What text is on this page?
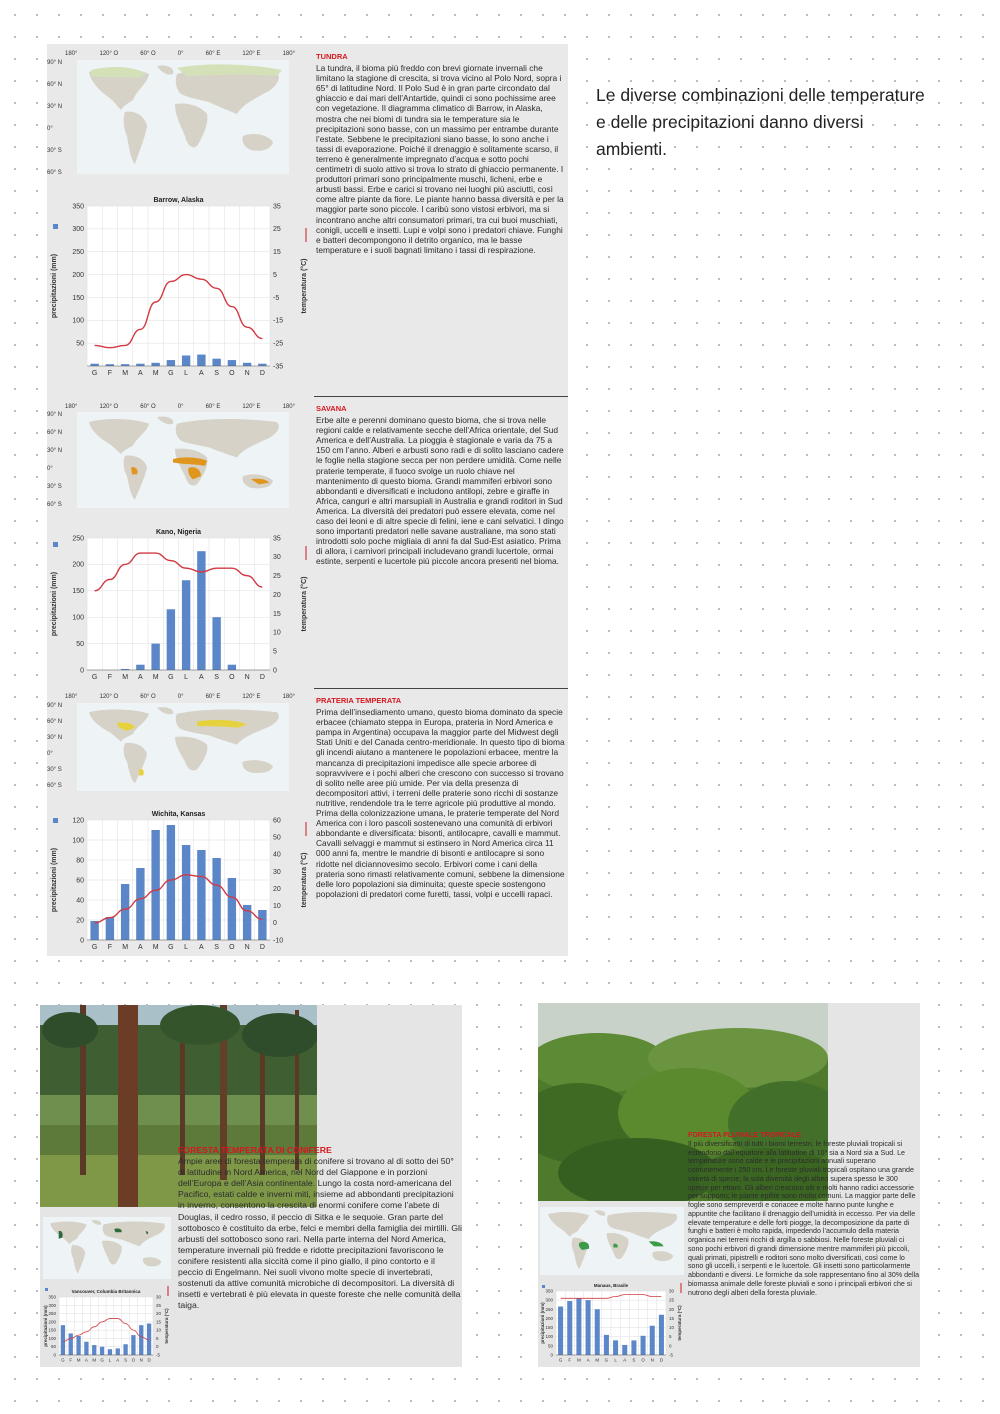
180°	120° O	60° O	0°	60° E	120° E	180°
90° N
60° N
30° N
0°
30° S
60° S
50
100
150
200
250
300
350
-35
-25
-15
-5
5
15
25
35
G F M A M G L A S O N D
Barrow, Alaska
precipitazioni (mm)	temperatura (°C)
TUNDRA
La tundra, il bioma più freddo con brevi giornate invernali che limitano la stagione di crescita, si trova vicino al Polo Nord, sopra i 65° di latitudine Nord. Il Polo Sud è in gran parte circondato dal ghiaccio e dai mari dell’Antartide, quindi ci sono pochissime aree con vegetazione. Il diagramma climatico di Barrow, in Alaska, mostra che nei biomi di tundra sia le temperature sia le precipitazioni sono basse, con un massimo per entrambe durante l’estate. Sebbene le precipitazioni siano basse, lo sono anche i tassi di evaporazione. Poiché il drenaggio è solitamente scarso, il terreno è generalmente impregnato d’acqua e sotto pochi centimetri di suolo attivo si trova lo strato di ghiaccio permanente. I produttori primari sono principalmente muschi, licheni, erbe e arbusti bassi. Erbe e carici si trovano nei luoghi più asciutti, così come altre piante da fiore. Le piante hanno bassa diversità e per la maggior parte sono piccole. I caribù sono vistosi erbivori, ma si incontrano anche altri consumatori primari, tra cui buoi muschiati, conigli, uccelli e insetti. Lupi e volpi sono i predatori chiave. Funghi e batteri decompongono il detrito organico, ma le basse temperature e i suoli bagnati limitano i tassi di respirazione.
180°	120° O	60° O	0°	60° E	120° E	180°
90° N
60° N
30° N
0°
30° S
60° S
0
50
100
150
200
250
0
5
10
15
20
25
30
35
G F M A M G L A S O N D
Kano, Nigeria
precipitazioni (mm)	temperatura (°C)
SAVANA
Erbe alte e perenni dominano questo bioma, che si trova nelle regioni calde e relativamente secche dell’Africa orientale, del Sud America e dell’Australia. La pioggia è stagionale e varia da 75 a 150 cm l’anno. Alberi e arbusti sono radi e di solito lasciano cadere le foglie nella stagione secca per non perdere umidità. Come nelle praterie temperate, il fuoco svolge un ruolo chiave nel mantenimento di questo bioma. Grandi mammiferi erbivori sono abbondanti e diversificati e includono antilopi, zebre e giraffe in Africa, canguri e altri marsupiali in Australia e grandi roditori in Sud America. La diversità dei predatori può essere elevata, come nel caso dei leoni e di altre specie di felini, iene e cani selvatici. I dingo sono importanti predatori nelle savane australiane, ma sono stati introdotti solo poche migliaia di anni fa dal Sud-Est asiatico. Prima di allora, i carnivori principali includevano grandi lucertole, ormai estinte, serpenti e lucertole più piccole ancora presenti nel bioma.
180°	120° O	60° O	0°	60° E	120° E	180°
90° N
60° N
30° N
0°
30° S
60° S
0
20
40
60
80
100
120
-10
0
10
20
30
40
50
60
G F M A M G L A S O N D
Wichita, Kansas
precipitazioni (mm)	temperatura (°C)
PRATERIA TEMPERATA
Prima dell’insediamento umano, questo bioma dominato da specie erbacee (chiamato steppa in Europa, prateria in Nord America e pampa in Argentina) occupava la maggior parte del Midwest degli Stati Uniti e del Canada centro-meridionale. In questo tipo di bioma gli incendi aiutano a mantenere le popolazioni erbacee, mentre la mancanza di precipitazioni impedisce alle specie arboree di sopravvivere e i pochi alberi che crescono con successo si trovano di solito nelle aree più umide. Per via della presenza di decompositori attivi, i terreni delle praterie sono ricchi di sostanze nutritive, rendendole tra le terre agricole più produttive al mondo. Prima della colonizzazione umana, le praterie temperate del Nord America con i loro pascoli sostenevano una comunità di erbivori abbondante e diversificata: bisonti, antilocapre, cavalli e mammut. Cavalli selvaggi e mammut si estinsero in Nord America circa 11 000 anni fa, mentre le mandrie di bisonti e antilocapre si sono ridotte nel diciannovesimo secolo. Erbivori come i cani della prateria sono rimasti relativamente comuni, sebbene la dimensione delle loro popolazioni sia diminuita; queste specie sostengono popolazioni di predatori come furetti, tassi, volpi e uccelli rapaci.
Le diverse combinazioni delle temperature e delle precipitazioni danno diversi ambienti.
0
50
100
150
200
250
300
350
-5
0
5
10
15
20
25
30
G F M A M G L A S O N D
Vancouver, Columbia Britannica
precipitazioni (mm)	temperatura (°C)
FORESTA TEMPERATA DI CONIFERE
Ampie aree di foresta temperata di conifere si trovano al di sotto dei 50° di latitudine in Nord America, nel Nord del Giappone e in porzioni dell’Europa e dell’Asia continentale. Lungo la costa nord-americana del Pacifico, estati calde e inverni miti, insieme ad abbondanti precipitazioni in inverno, consentono la crescita di enormi conifere come l’abete di Douglas, il cedro rosso, il peccio di Sitka e le sequoie. Gran parte del sottobosco è costituito da erbe, felci e membri della famiglia dei mirtilli. Gli arbusti del sottobosco sono rari. Nella parte interna del Nord America, temperature invernali più fredde e ridotte precipitazioni favoriscono le conifere resistenti alla siccità come il pino giallo, il pino contorto e il peccio di Engelmann. Nei suoli vivono molte specie di invertebrati, sostenuti da attive comunità microbiche di decompositori. La diversità di insetti e vertebrati è più elevata in queste foreste che nelle comunità della taiga.
0
50
100
150
200
250
300
350
-5
0
5
10
15
20
25
30
G F M A M G L A S O N D
Manaus, Brasile
precipitazioni (mm)	temperatura (°C)
FORESTA PLUVIALE TROPICALE
Il più diversificato di tutti i biomi terrestri, le foreste pluviali tropicali si estendono dall’equatore alla latitudine di 10° sia a Nord sia a Sud. Le temperature sono calde e le precipitazioni annuali superano comunemente i 250 cm. Le foreste pluviali tropicali ospitano una grande varietà di specie; la sola diversità degli alberi supera spesso le 300 specie per ettaro. Gli alberi crescono alti e molti hanno radici accessorie per supporto; le piante epifite sono molto comuni. La maggior parte delle foglie sono sempreverdi e coriacee e molte hanno punte lunghe e appuntite che facilitano il drenaggio dell’umidità in eccesso. Per via delle elevate temperature e delle forti piogge, la decomposizione da parte di funghi e batteri è molto rapida, impedendo l’accumulo della materia organica nei terreni ricchi di argilla o sabbiosi. Nelle foreste pluviali ci sono pochi erbivori di grandi dimensione mentre mammiferi più piccoli, quali primati, pipistrelli e roditori sono molto diversificati, così come lo sono gli uccelli, i serpenti e le lucertole. Gli insetti sono particolarmente abbondanti e diversi. Le formiche da sole rappresentano fino al 30% della biomassa animale delle foreste pluviali e sono i principali erbivori che si nutrono degli alberi della foresta pluviale.
